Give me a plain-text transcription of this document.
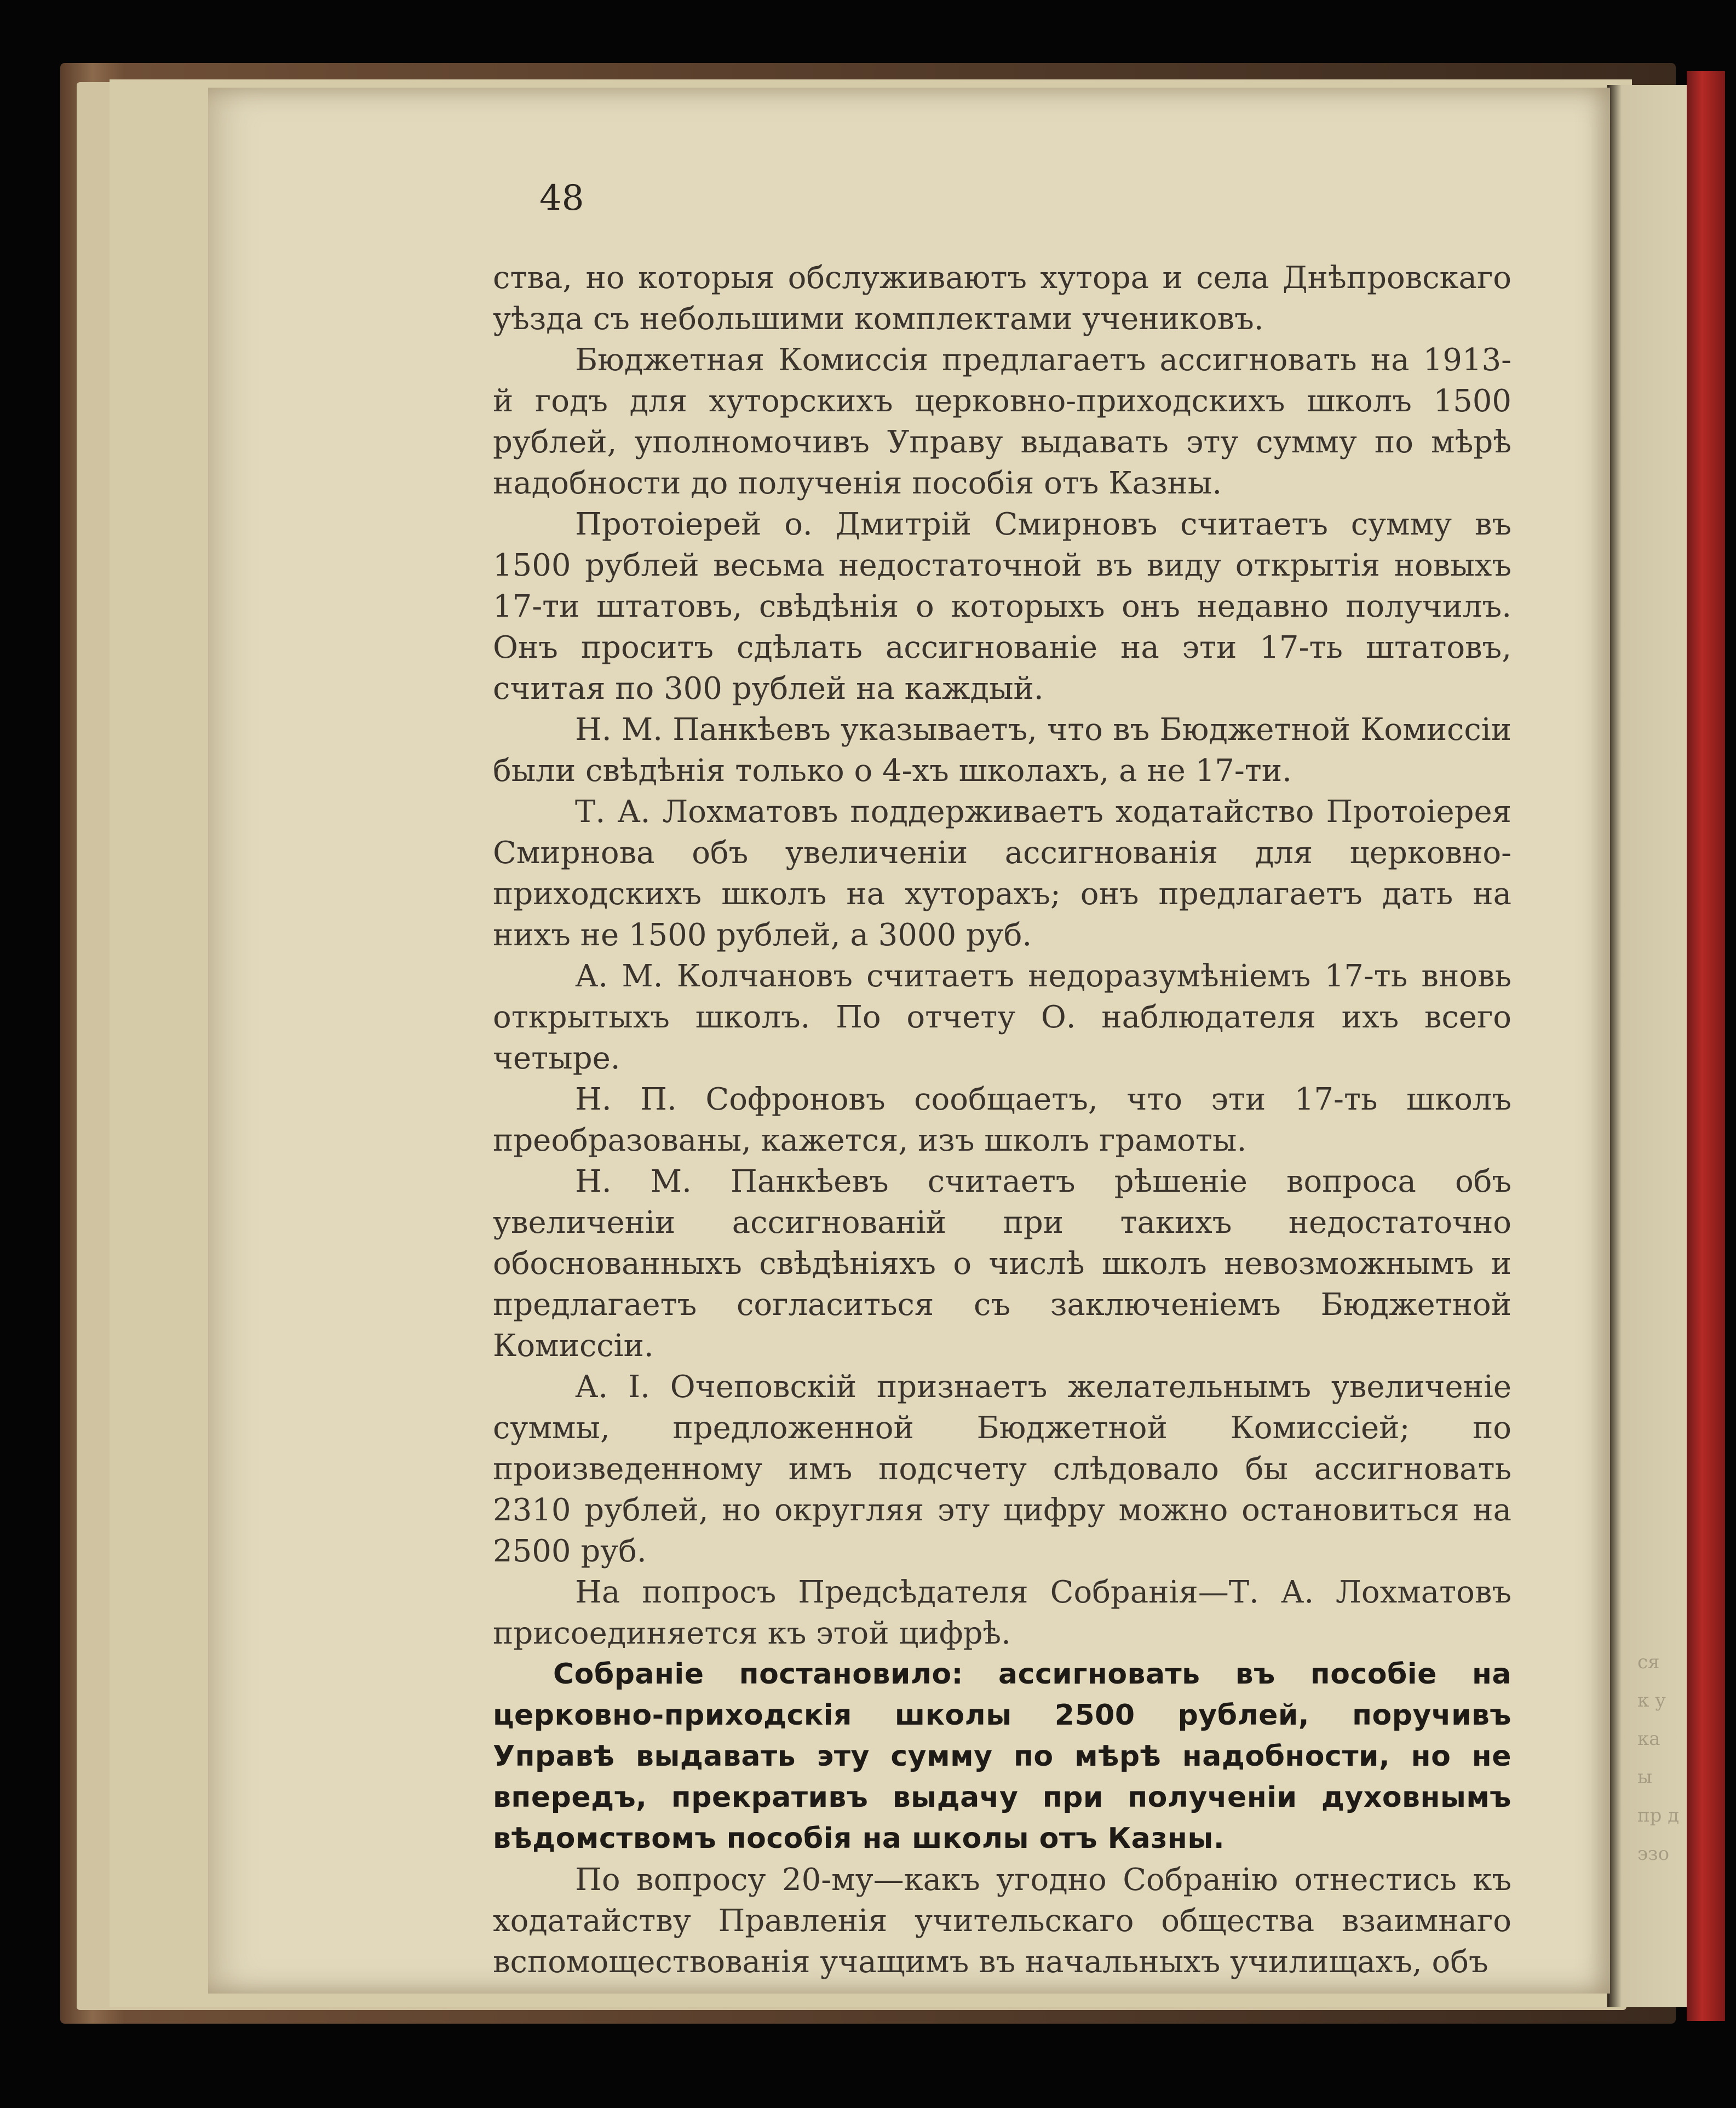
48

ства, но которыя обслуживаютъ хутора и села Днѣпровскаго уѣзда съ небольшими комплектами учениковъ.

Бюджетная Комиссія предлагаетъ ассигновать на 1913-й годъ для хуторскихъ церковно-приходскихъ школъ 1500 рублей, уполномочивъ Управу выдавать эту сумму по мѣрѣ надобности до полученія пособія отъ Казны.

Протоіерей о. Дмитрій Смирновъ считаетъ сумму въ 1500 рублей весьма недостаточной въ виду открытія новыхъ 17-ти штатовъ, свѣдѣнія о которыхъ онъ недавно получилъ. Онъ проситъ сдѣлать ассигнованіе на эти 17-ть штатовъ, считая по 300 рублей на каждый.

Н. М. Панкѣевъ указываетъ, что въ Бюджетной Комиссіи были свѣдѣнія только о 4-хъ школахъ, а не 17-ти.

Т. А. Лохматовъ поддерживаетъ ходатайство Протоіерея Смирнова объ увеличеніи ассигнованія для церковно-приходскихъ школъ на хуторахъ; онъ предлагаетъ дать на нихъ не 1500 рублей, а 3000 руб.

А. М. Колчановъ считаетъ недоразумѣніемъ 17-ть вновь открытыхъ школъ. По отчету О. наблюдателя ихъ всего четыре.

Н. П. Софроновъ сообщаетъ, что эти 17-ть школъ преобразованы, кажется, изъ школъ грамоты.

Н. М. Панкѣевъ считаетъ рѣшеніе вопроса объ увеличеніи ассигнованій при такихъ недостаточно обоснованныхъ свѣдѣніяхъ о числѣ школъ невозможнымъ и предлагаетъ согласиться съ заключеніемъ Бюджетной Комиссіи.

А. І. Очеповскій признаетъ желательнымъ увеличеніе суммы, предложенной Бюджетной Комиссіей; по произведенному имъ подсчету слѣдовало бы ассигновать 2310 рублей, но округляя эту цифру можно остановиться на 2500 руб.

На попросъ Предсѣдателя Собранія—Т. А. Лохматовъ присоединяется къ этой цифрѣ.

Собраніе постановило: ассигновать въ пособіе на церковно-приходскія школы 2500 рублей, поручивъ Управѣ выдавать эту сумму по мѣрѣ надобности, но не впередъ, прекративъ выдачу при полученіи духовнымъ вѣдомствомъ пособія на школы отъ Казны.

По вопросу 20-му—какъ угодно Собранію отнестись къ ходатайству Правленія учительскаго общества взаимнаго вспомоществованія учащимъ въ начальныхъ училищахъ, объ

ся
к у
ка
ы
пр д
эзо
